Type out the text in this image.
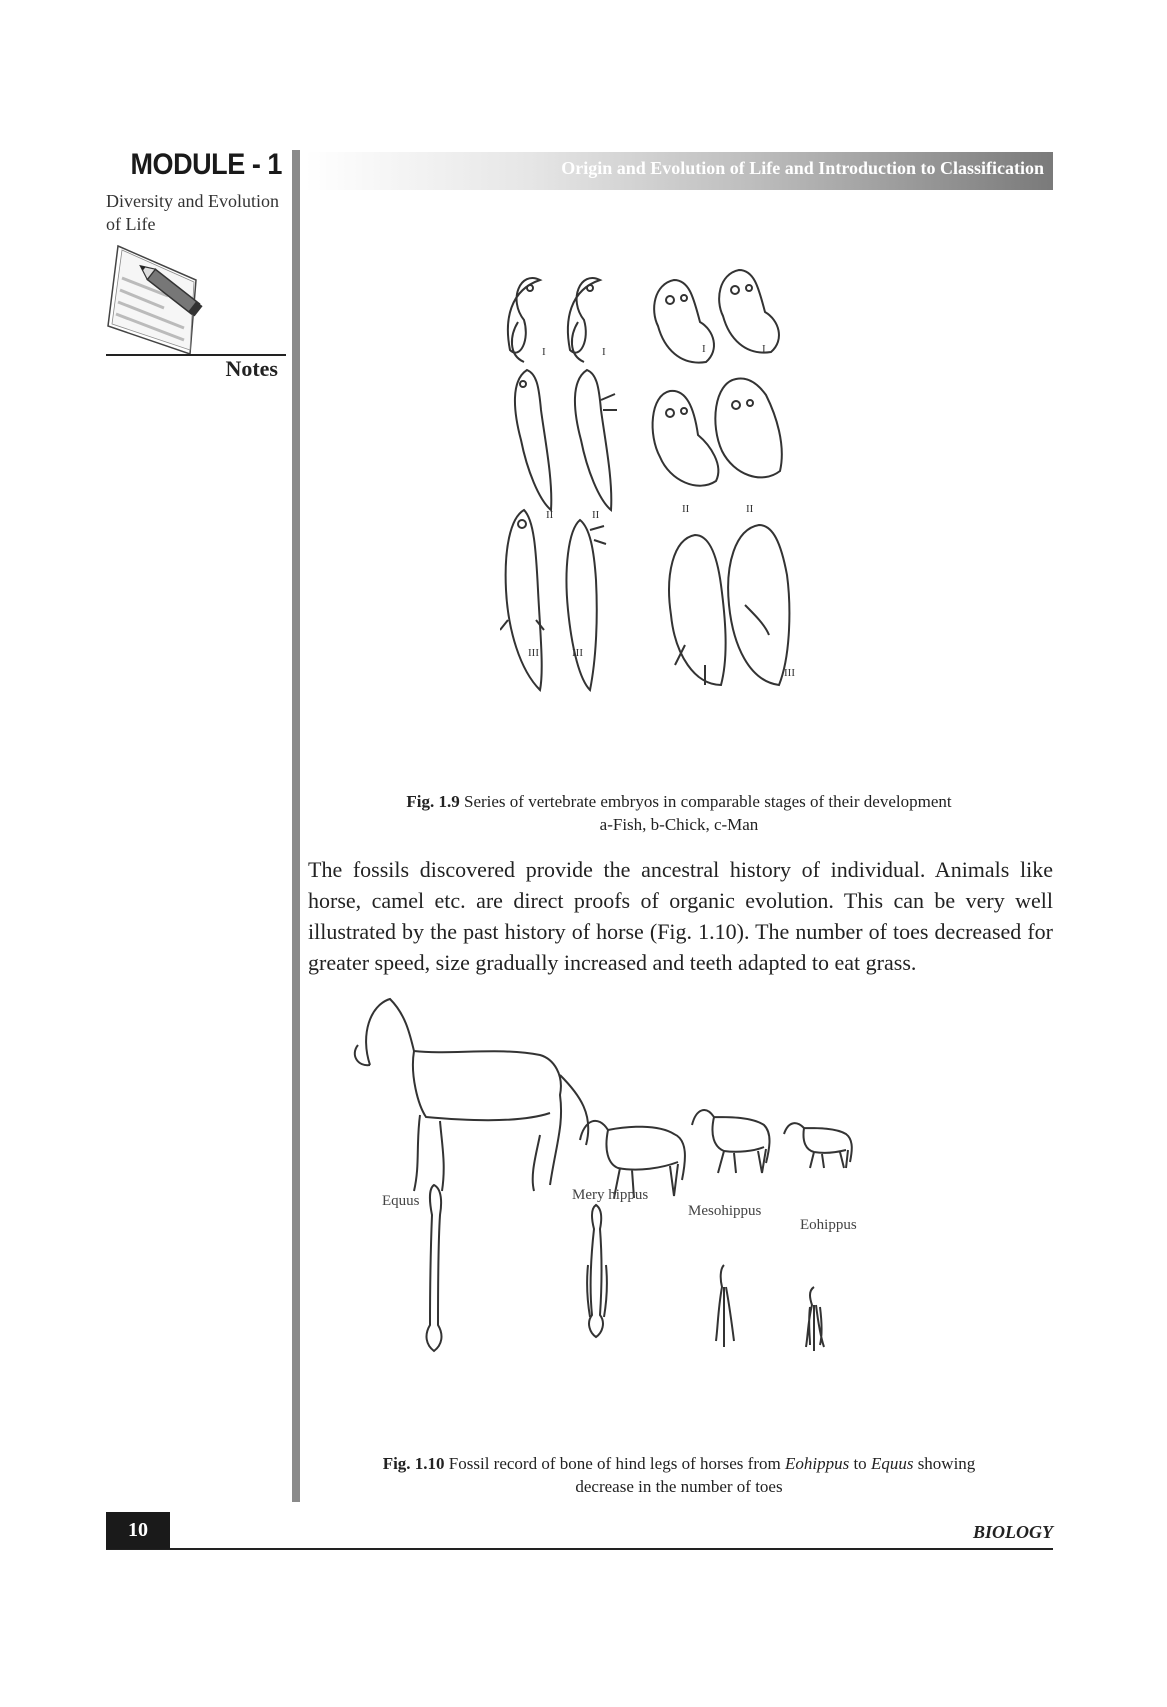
MODULE - 1
Diversity and Evolution of Life
Notes
Origin and Evolution of Life and Introduction to Classification
I	I	I	I
II	II	II	II
III	III
III
Fig. 1.9 Series of vertebrate embryos in comparable stages of their development
a-Fish, b-Chick, c-Man
The fossils discovered provide the ancestral history of individual. Animals like horse, camel etc. are direct proofs of organic evolution. This can be very well illustrated by the past history of horse (Fig. 1.10). The number of toes decreased for greater speed, size gradually increased and teeth adapted to eat grass.
Equus	Mery hippus
Mesohippus
Eohippus
Fig. 1.10 Fossil record of bone of hind legs of horses from Eohippus to Equus showing
decrease in the number of toes
10	BIOLOGY
